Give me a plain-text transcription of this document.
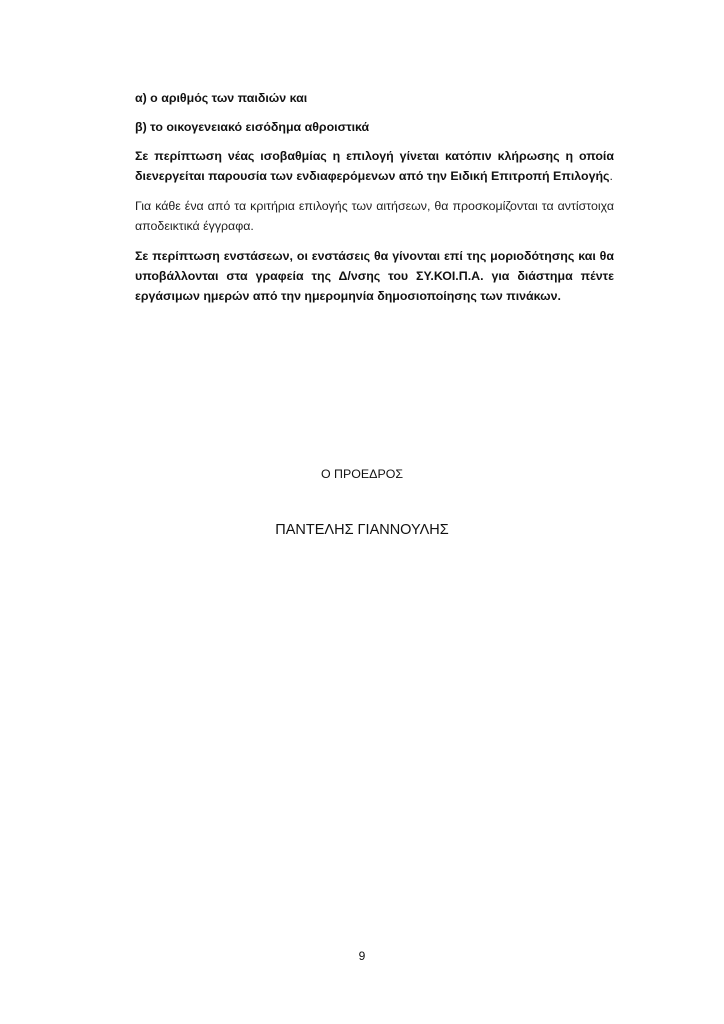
α) ο αριθμός των παιδιών και

β) το οικογενειακό εισόδημα αθροιστικά

Σε περίπτωση νέας ισοβαθμίας η επιλογή γίνεται κατόπιν κλήρωσης η οποία διενεργείται παρουσία των ενδιαφερόμενων από την Ειδική Επιτροπή Επιλογής.

Για κάθε ένα από τα κριτήρια επιλογής των αιτήσεων, θα προσκομίζονται τα αντίστοιχα αποδεικτικά έγγραφα.

Σε περίπτωση ενστάσεων, οι ενστάσεις θα γίνονται επί της μοριοδότησης και θα υποβάλλονται στα γραφεία της Δ/νσης του ΣΥ.ΚΟΙ.Π.Α. για διάστημα πέντε εργάσιμων ημερών από την ημερομηνία δημοσιοποίησης των πινάκων.

Ο ΠΡΟΕΔΡΟΣ
ΠΑΝΤΕΛΗΣ ΓΙΑΝΝΟΥΛΗΣ
9
